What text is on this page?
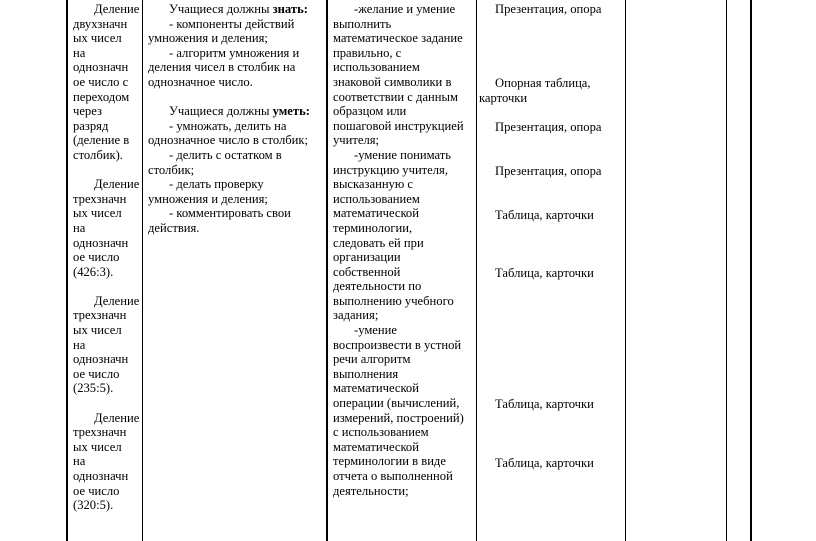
Деление
двухзначн
ых чисел
на
однозначн
ое число с
переходом
через
разряд
(деление в
столбик).
Деление
трехзначн
ых чисел
на
однозначн
ое число
(426:3).
Деление
трехзначн
ых чисел
на
однозначн
ое число
(235:5).
Деление
трехзначн
ых чисел
на
однозначн
ое число
(320:5).

Учащиеся должны знать:

- компоненты действий
умножения и деления;
- алгоритм умножения и
деления чисел в столбик на
однозначное число.

Учащиеся должны уметь:

- умножать, делить на
однозначное число в столбик;
- делить с остатком в
столбик;
- делать проверку
умножения и деления;
- комментировать свои
действия.
-желание и умение
выполнить
математическое задание
правильно, с
использованием
знаковой символики в
соответствии с данным
образцом или
пошаговой инструкцией
учителя;
-умение понимать
инструкцию учителя,
высказанную с
использованием
математической
терминологии,
следовать ей при
организации
собственной
деятельности по
выполнению учебного
задания;
-умение
воспроизвести в устной
речи алгоритм
выполнения
математической
операции (вычислений,
измерений, построений)
с использованием
математической
терминологии в виде
отчета о выполненной
деятельности;
Презентация, опора
Опорная таблица,
карточки
Презентация, опора
Презентация, опора
Таблица, карточки
Таблица, карточки
Таблица, карточки
Таблица, карточки
